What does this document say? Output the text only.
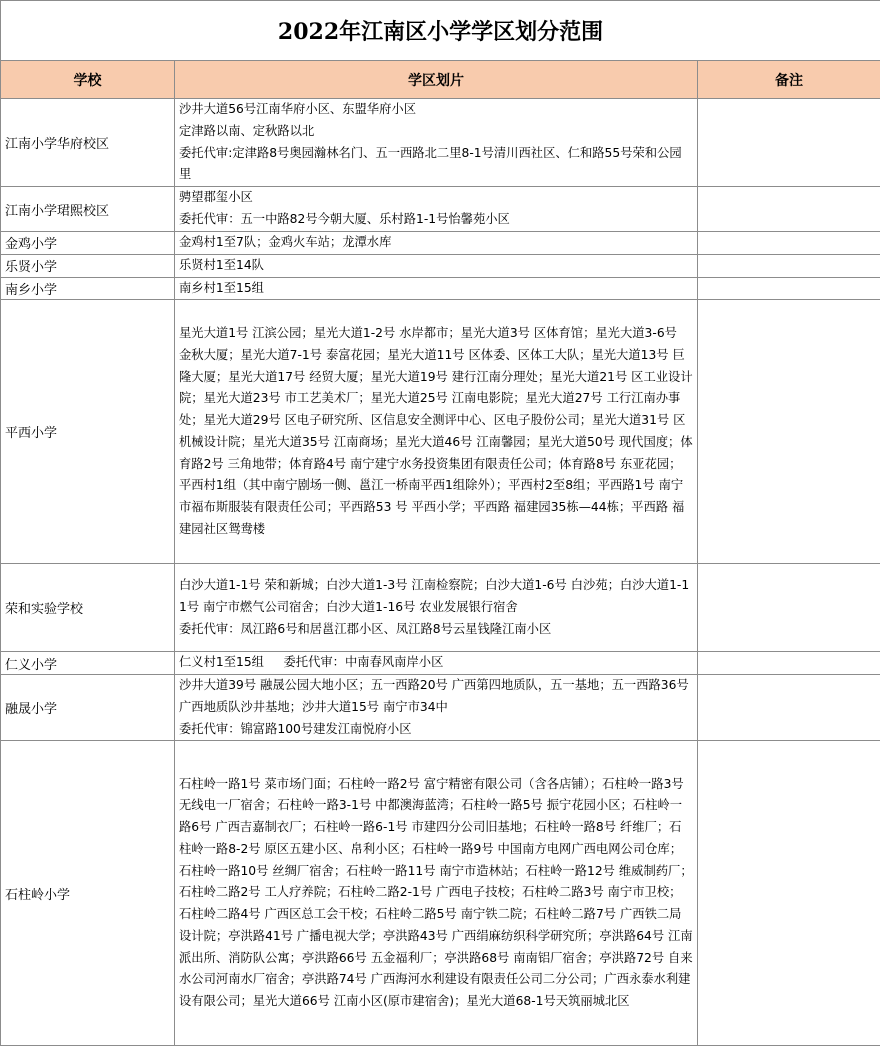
2022年江南区小学学区划分范围		
学校	学区划片	备注
江南小学华府校区	沙井大道56号江南华府小区、东盟华府小区
定津路以南、定秋路以北
委托代审:定津路8号奥园瀚林名门、五一西路北二里8-1号清川西社区、仁和路55号荣和公园里	

江南小学珺熙校区	骋望郡玺小区
委托代审：五一中路82号今朝大厦、乐村路1-1号怡馨苑小区	

金鸡小学	金鸡村1至7队；金鸡火车站；龙潭水库	

乐贤小学	乐贤村1至14队	

南乡小学	南乡村1至15组	

平西小学	星光大道1号 江滨公园；星光大道1-2号 水岸都市；星光大道3号 区体育馆；星光大道3-6号   金秋大厦；星光大道7-1号 泰富花园；星光大道11号 区体委、区体工大队；星光大道13号 巨隆大厦；星光大道17号 经贸大厦；星光大道19号 建行江南分理处；星光大道21号 区工业设计院；星光大道23号 市工艺美术厂；星光大道25号 江南电影院；星光大道27号 工行江南办事处；星光大道29号 区电子研究所、区信息安全测评中心、区电子股份公司；星光大道31号 区机械设计院；星光大道35号 江南商场；星光大道46号 江南馨园；星光大道50号 现代国度；体育路2号 三角地带；体育路4号 南宁建宁水务投资集团有限责任公司；体育路8号 东亚花园；平西村1组（其中南宁剧场一侧、邕江一桥南平西1组除外）；平西村2至8组；平西路1号 南宁市福布斯服装有限责任公司；平西路53 号 平西小学；平西路 福建园35栋—44栋；平西路 福建园社区鸳鸯楼	

荣和实验学校	白沙大道1-1号 荣和新城；白沙大道1-3号 江南检察院；白沙大道1-6号 白沙苑；白沙大道1-11号 南宁市燃气公司宿舍；白沙大道1-16号 农业发展银行宿舍
委托代审：凤江路6号和居邕江郡小区、凤江路8号云星钱隆江南小区	

仁义小学	仁义村1至15组     委托代审：中南春风南岸小区	

融晟小学	沙井大道39号 融晟公园大地小区；五一西路20号 广西第四地质队，五一基地；五一西路36号 广西地质队沙井基地；沙井大道15号 南宁市34中
委托代审：锦富路100号建发江南悦府小区	

石柱岭小学	石柱岭一路1号 菜市场门面；石柱岭一路2号 富宁精密有限公司（含各店铺）；石柱岭一路3号 无线电一厂宿舍；石柱岭一路3-1号 中都澳海蓝湾；石柱岭一路5号 振宁花园小区；石柱岭一路6号 广西吉嘉制衣厂；石柱岭一路6-1号 市建四分公司旧基地；石柱岭一路8号 纤维厂；石柱岭一路8-2号 原区五建小区、帛利小区；石柱岭一路9号 中国南方电网广西电网公司仓库；石柱岭一路10号 丝绸厂宿舍；石柱岭一路11号 南宁市造林站；石柱岭一路12号 维威制药厂；石柱岭二路2号 工人疗养院；石柱岭二路2-1号 广西电子技校；石柱岭二路3号 南宁市卫校；石柱岭二路4号 广西区总工会干校；石柱岭二路5号 南宁铁二院；石柱岭二路7号 广西铁二局设计院；亭洪路41号 广播电视大学；亭洪路43号 广西绢麻纺织科学研究所；亭洪路64号 江南派出所、消防队公寓；亭洪路66号 五金福利厂；亭洪路68号 南南铝厂宿舍；亭洪路72号 自来水公司河南水厂宿舍；亭洪路74号 广西海河水利建设有限责任公司二分公司；广西永泰水利建设有限公司；星光大道66号 江南小区(原市建宿舍)；星光大道68-1号天筑丽城北区	
